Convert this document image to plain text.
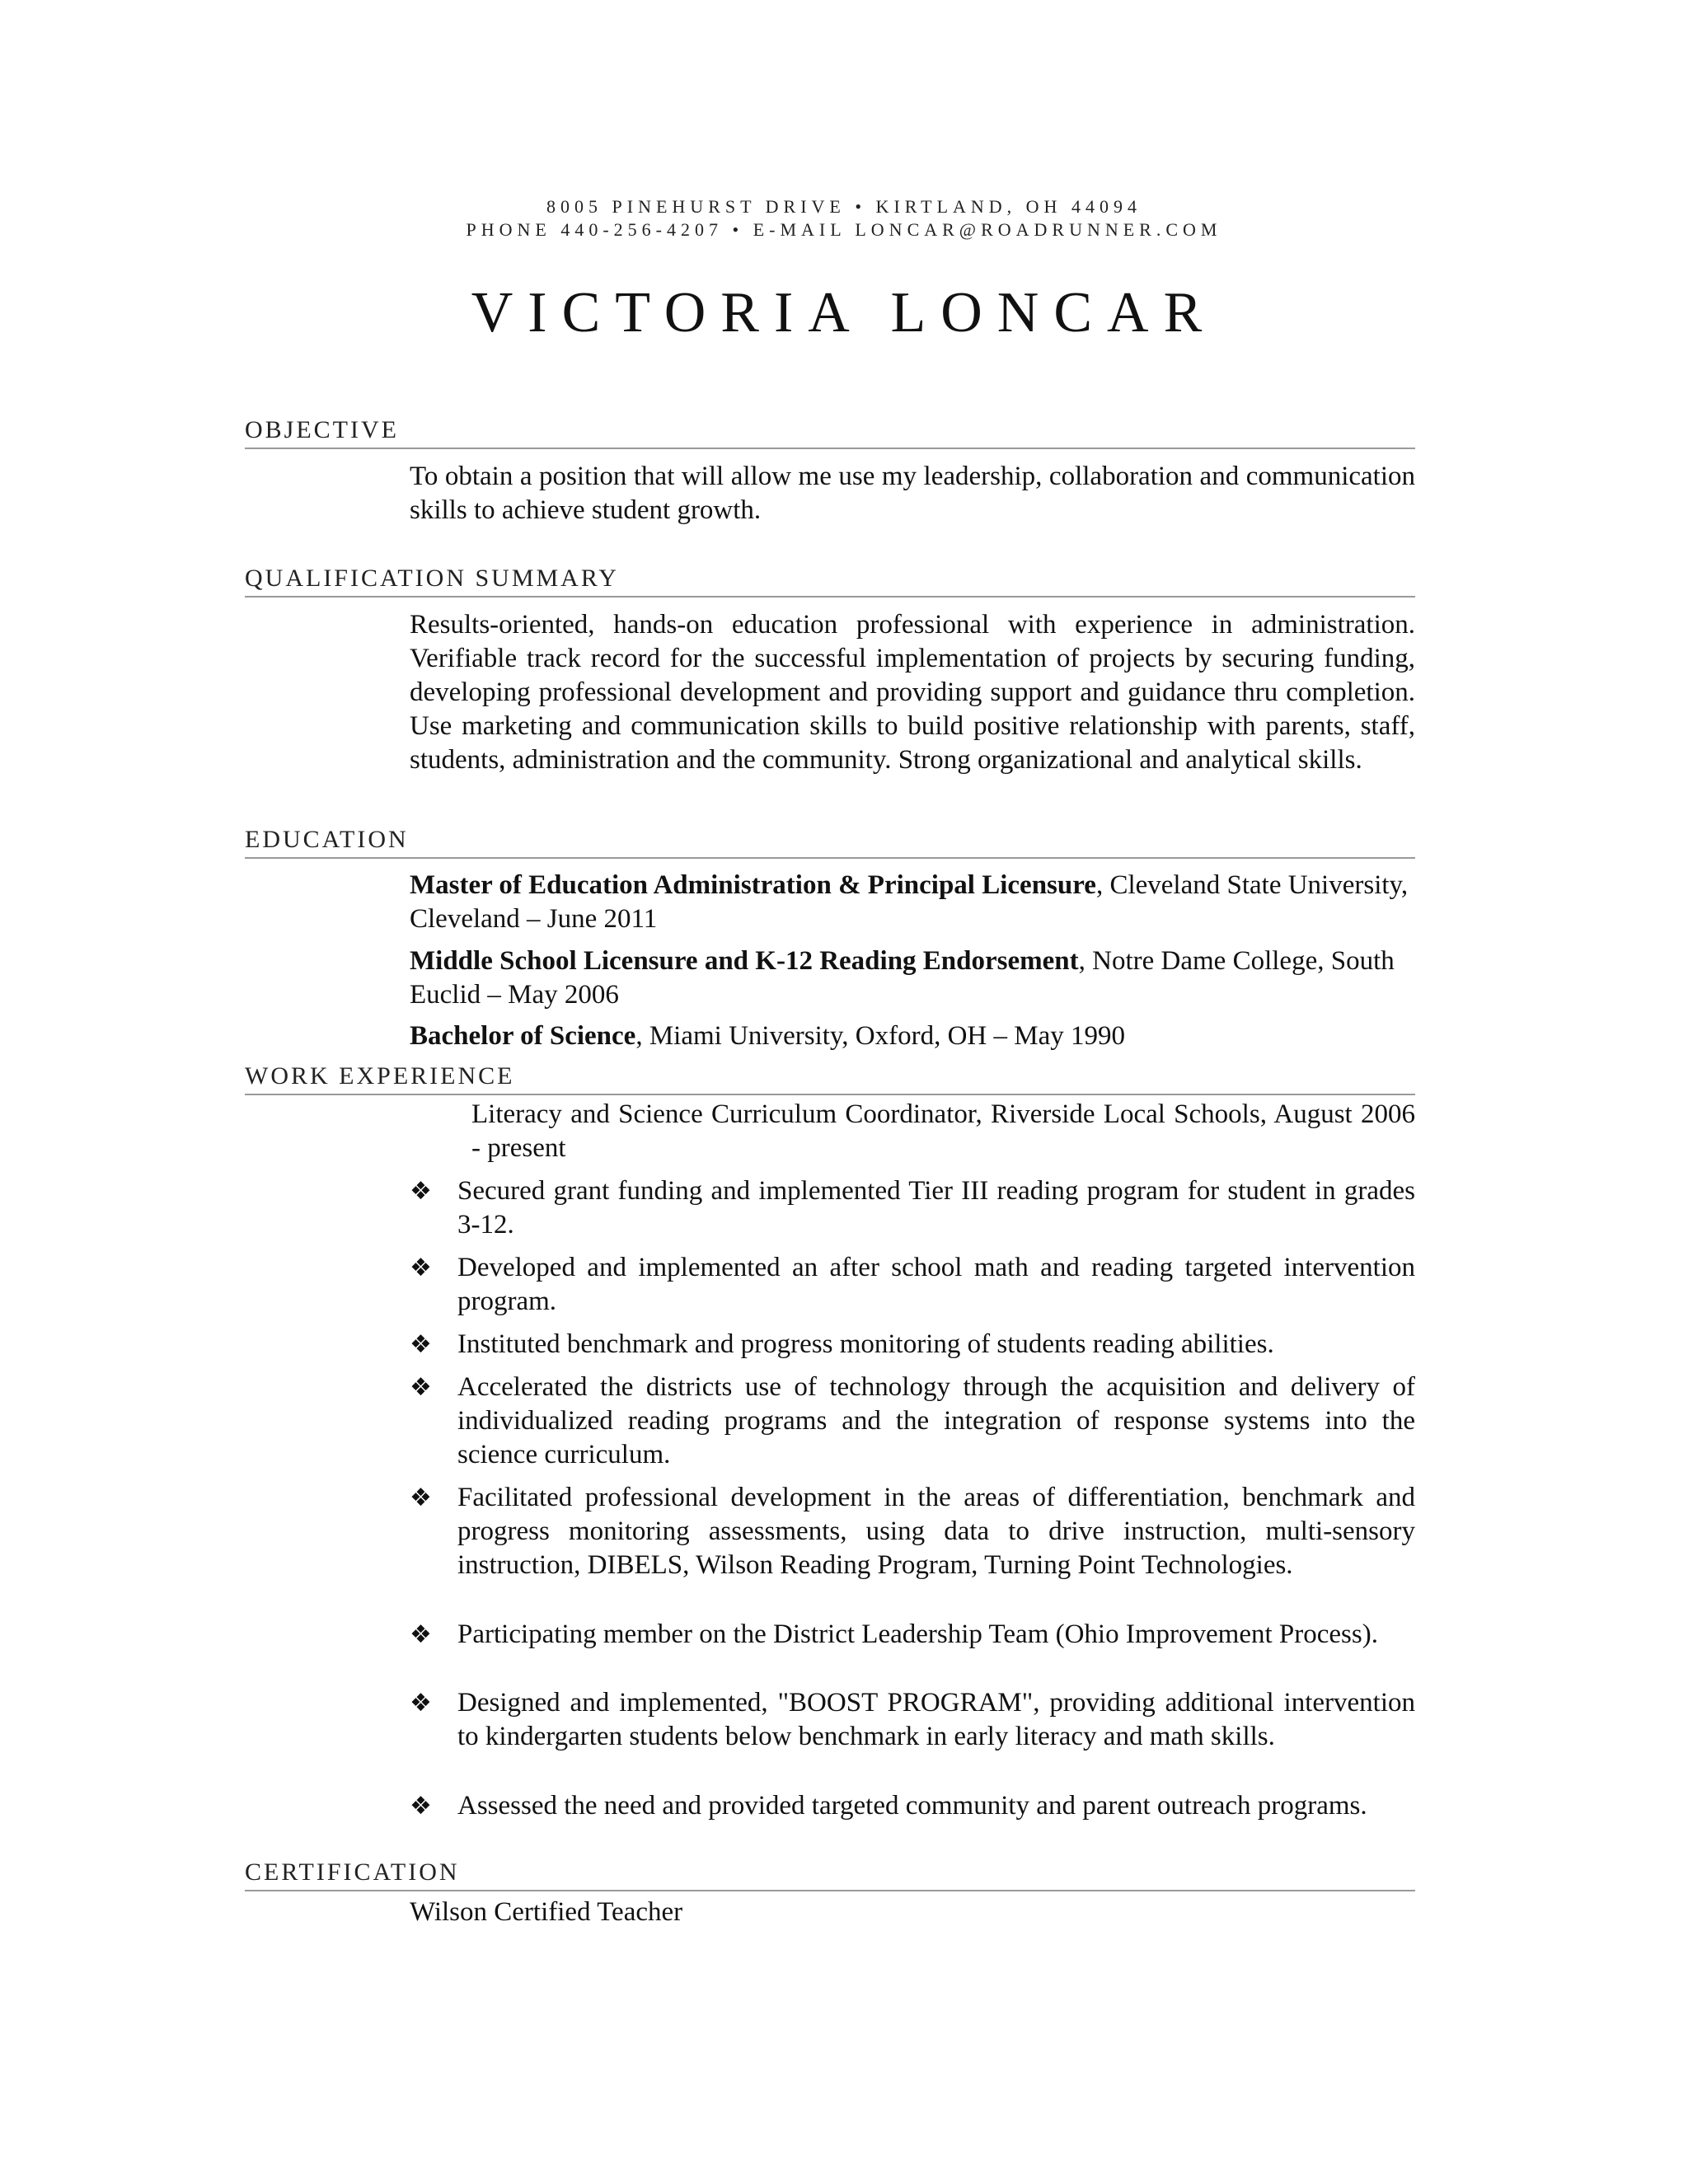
8005 PINEHURST DRIVE • KIRTLAND, OH 44094
PHONE 440-256-4207 • E-MAIL LONCAR@ROADRUNNER.COM
VICTORIA LONCAR
OBJECTIVE

To obtain a position that will allow me use my leadership, collaboration and communication skills to achieve student growth.

QUALIFICATION SUMMARY

Results-oriented, hands-on education professional with experience in administration. Verifiable track record for the successful implementation of projects by securing funding, developing professional development and providing support and guidance thru completion. Use marketing and communication skills to build positive relationship with parents, staff, students, administration and the community. Strong organizational and analytical skills.

EDUCATION

Master of Education Administration & Principal Licensure, Cleveland State University, Cleveland – June 2011

Middle School Licensure and K-12 Reading Endorsement, Notre Dame College, South Euclid – May 2006

Bachelor of Science, Miami University, Oxford, OH – May 1990

WORK EXPERIENCE

Literacy and Science Curriculum Coordinator, Riverside Local Schools, August 2006 - present

❖ Secured grant funding and implemented Tier III reading program for student in grades 3-12.
❖ Developed and implemented an after school math and reading targeted intervention program.
❖ Instituted benchmark and progress monitoring of students reading abilities.
❖ Accelerated the districts use of technology through the acquisition and delivery of individualized reading programs and the integration of response systems into the science curriculum.
❖ Facilitated professional development in the areas of differentiation, benchmark and progress monitoring assessments, using data to drive instruction, multi-sensory instruction, DIBELS, Wilson Reading Program, Turning Point Technologies.
❖ Participating member on the District Leadership Team (Ohio Improvement Process).
❖ Designed and implemented, "BOOST PROGRAM", providing additional intervention to kindergarten students below benchmark in early literacy and math skills.
❖ Assessed the need and provided targeted community and parent outreach programs.
CERTIFICATION

Wilson Certified Teacher
